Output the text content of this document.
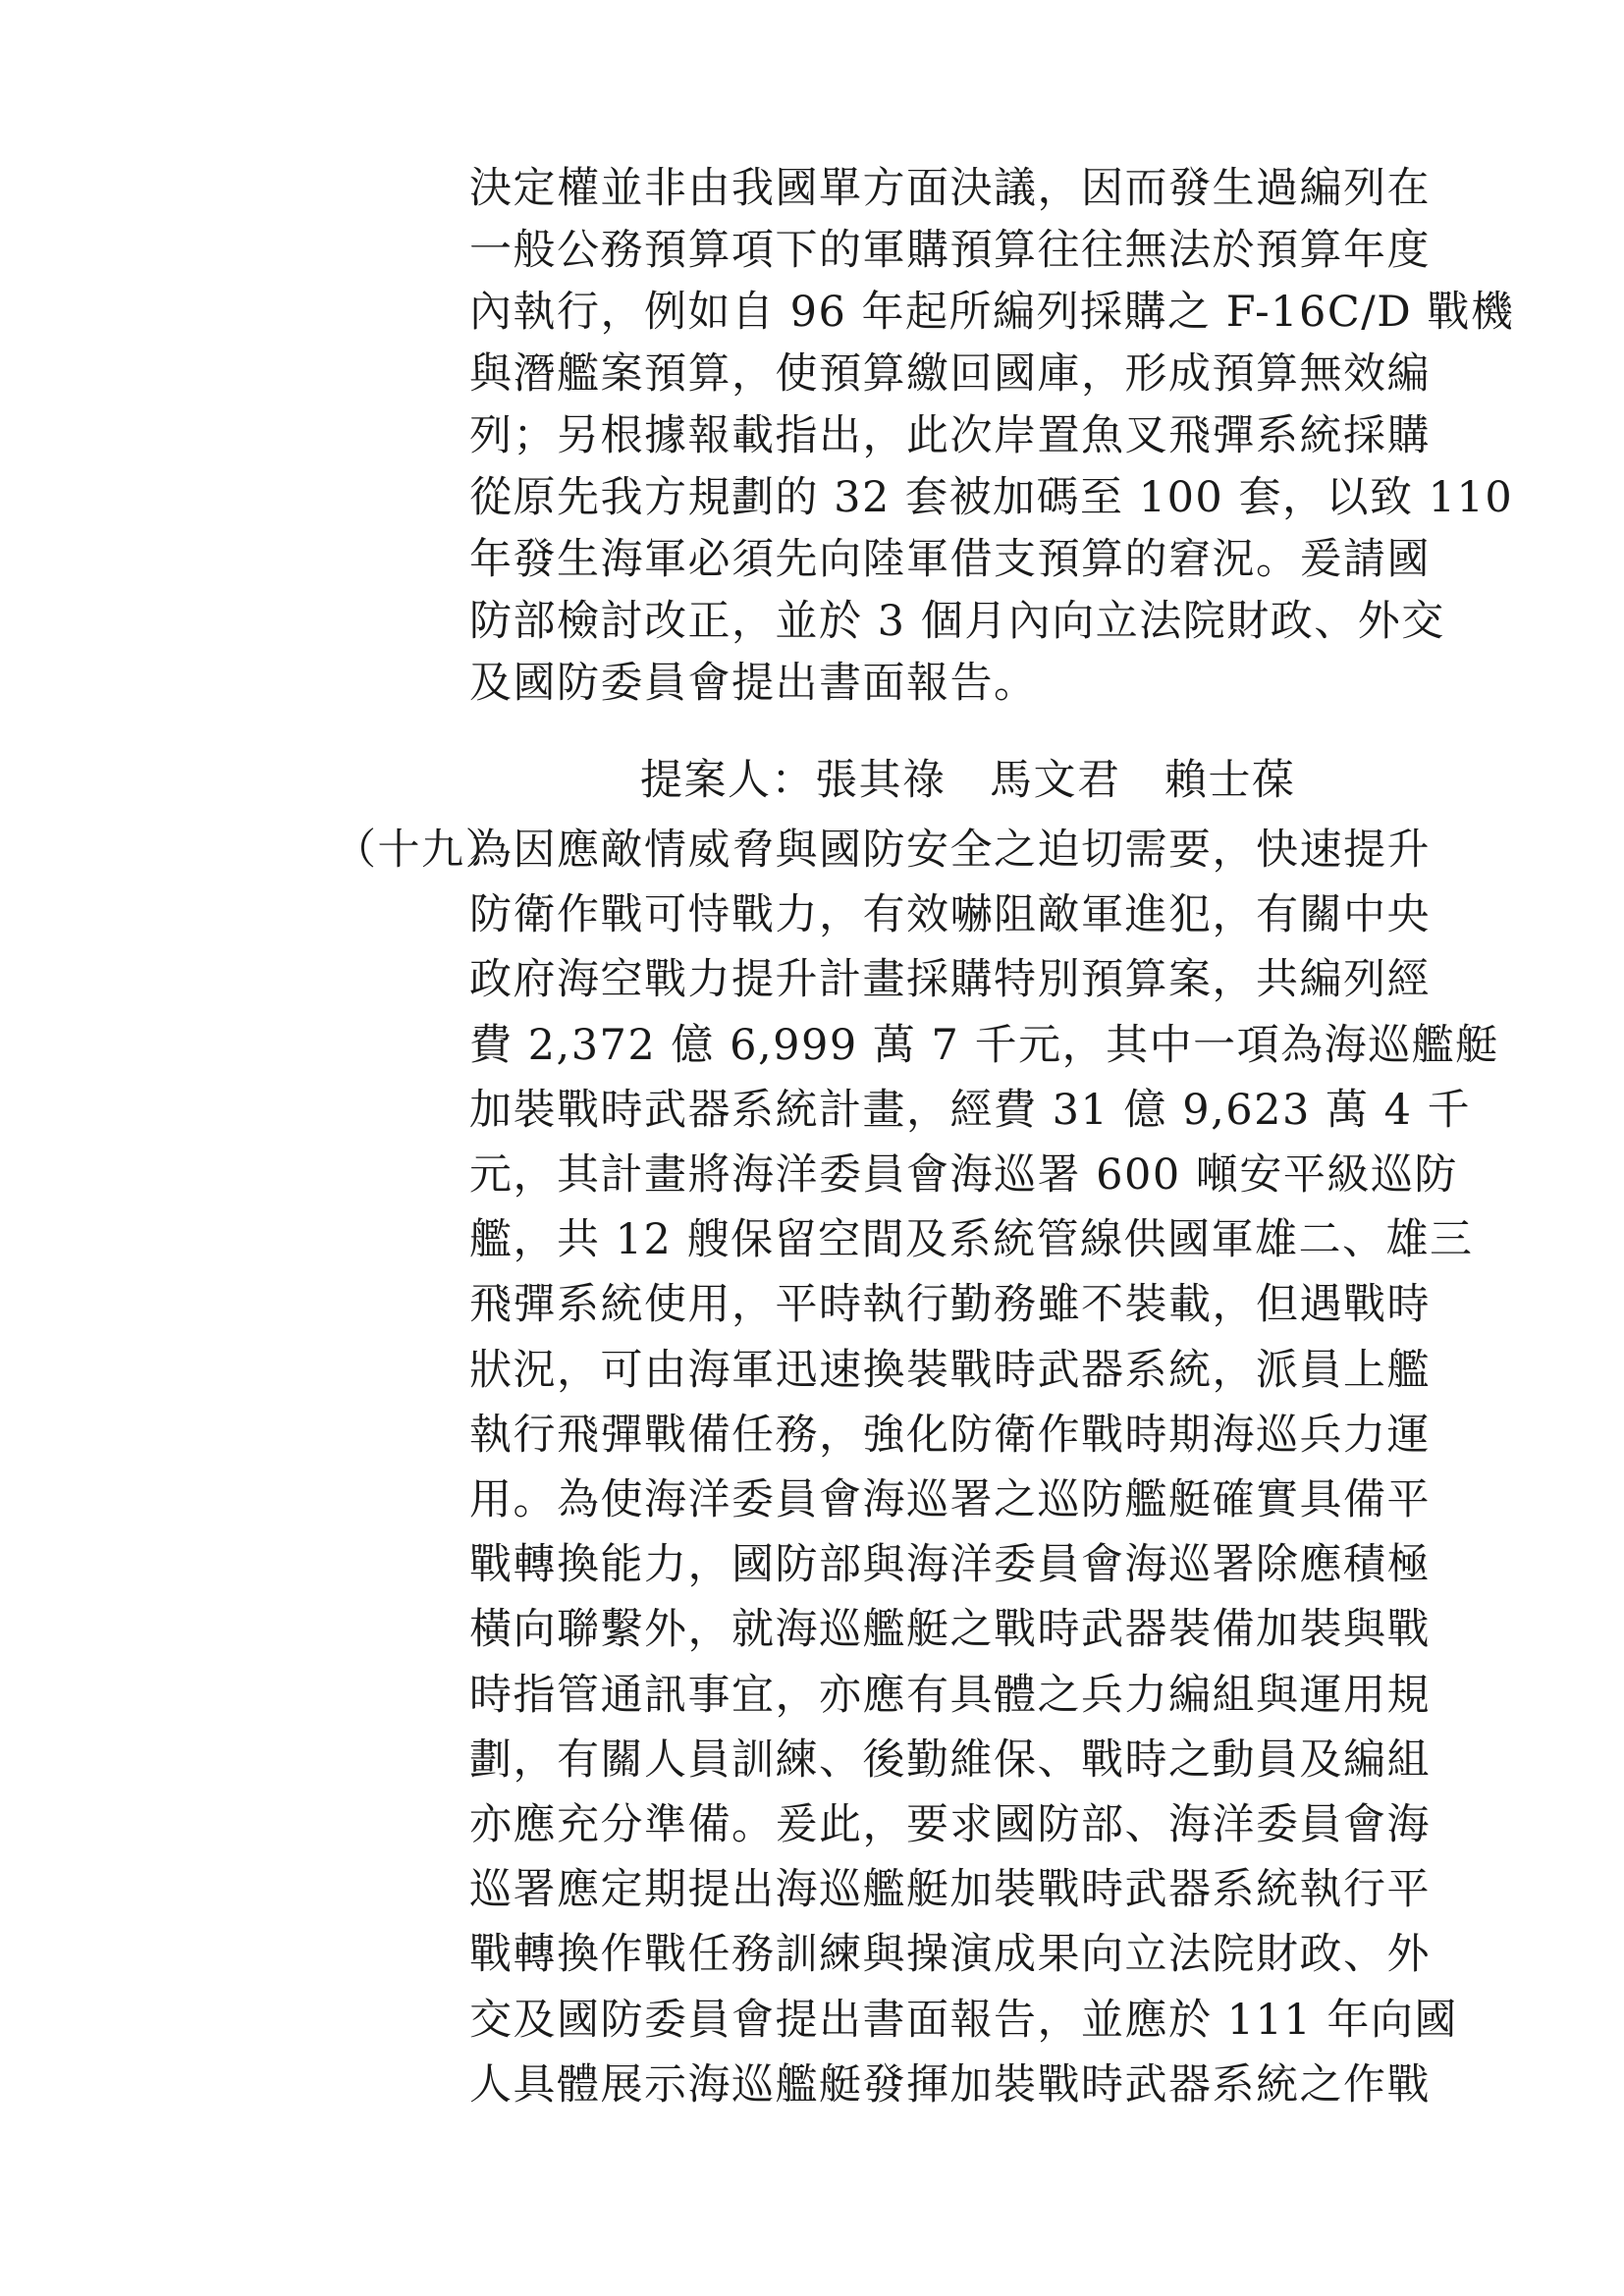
決定權並非由我國單方面決議，因而發生過編列在
一般公務預算項下的軍購預算往往無法於預算年度
內執行，例如自 96 年起所編列採購之 F-16C/D 戰機
與潛艦案預算，使預算繳回國庫，形成預算無效編
列；另根據報載指出，此次岸置魚叉飛彈系統採購
從原先我方規劃的 32 套被加碼至 100 套，以致 110
年發生海軍必須先向陸軍借支預算的窘況。爰請國
防部檢討改正，並於 3 個月內向立法院財政、外交
及國防委員會提出書面報告。
提案人：張其祿　馬文君　賴士葆
（十九）
為因應敵情威脅與國防安全之迫切需要，快速提升
防衛作戰可恃戰力，有效嚇阻敵軍進犯，有關中央
政府海空戰力提升計畫採購特別預算案，共編列經
費 2,372 億 6,999 萬 7 千元，其中一項為海巡艦艇
加裝戰時武器系統計畫，經費 31 億 9,623 萬 4 千
元，其計畫將海洋委員會海巡署 600 噸安平級巡防
艦，共 12 艘保留空間及系統管線供國軍雄二、雄三
飛彈系統使用，平時執行勤務雖不裝載，但遇戰時
狀況，可由海軍迅速換裝戰時武器系統，派員上艦
執行飛彈戰備任務，強化防衛作戰時期海巡兵力運
用。為使海洋委員會海巡署之巡防艦艇確實具備平
戰轉換能力，國防部與海洋委員會海巡署除應積極
橫向聯繫外，就海巡艦艇之戰時武器裝備加裝與戰
時指管通訊事宜，亦應有具體之兵力編組與運用規
劃，有關人員訓練、後勤維保、戰時之動員及編組
亦應充分準備。爰此，要求國防部、海洋委員會海
巡署應定期提出海巡艦艇加裝戰時武器系統執行平
戰轉換作戰任務訓練與操演成果向立法院財政、外
交及國防委員會提出書面報告，並應於 111 年向國
人具體展示海巡艦艇發揮加裝戰時武器系統之作戰
